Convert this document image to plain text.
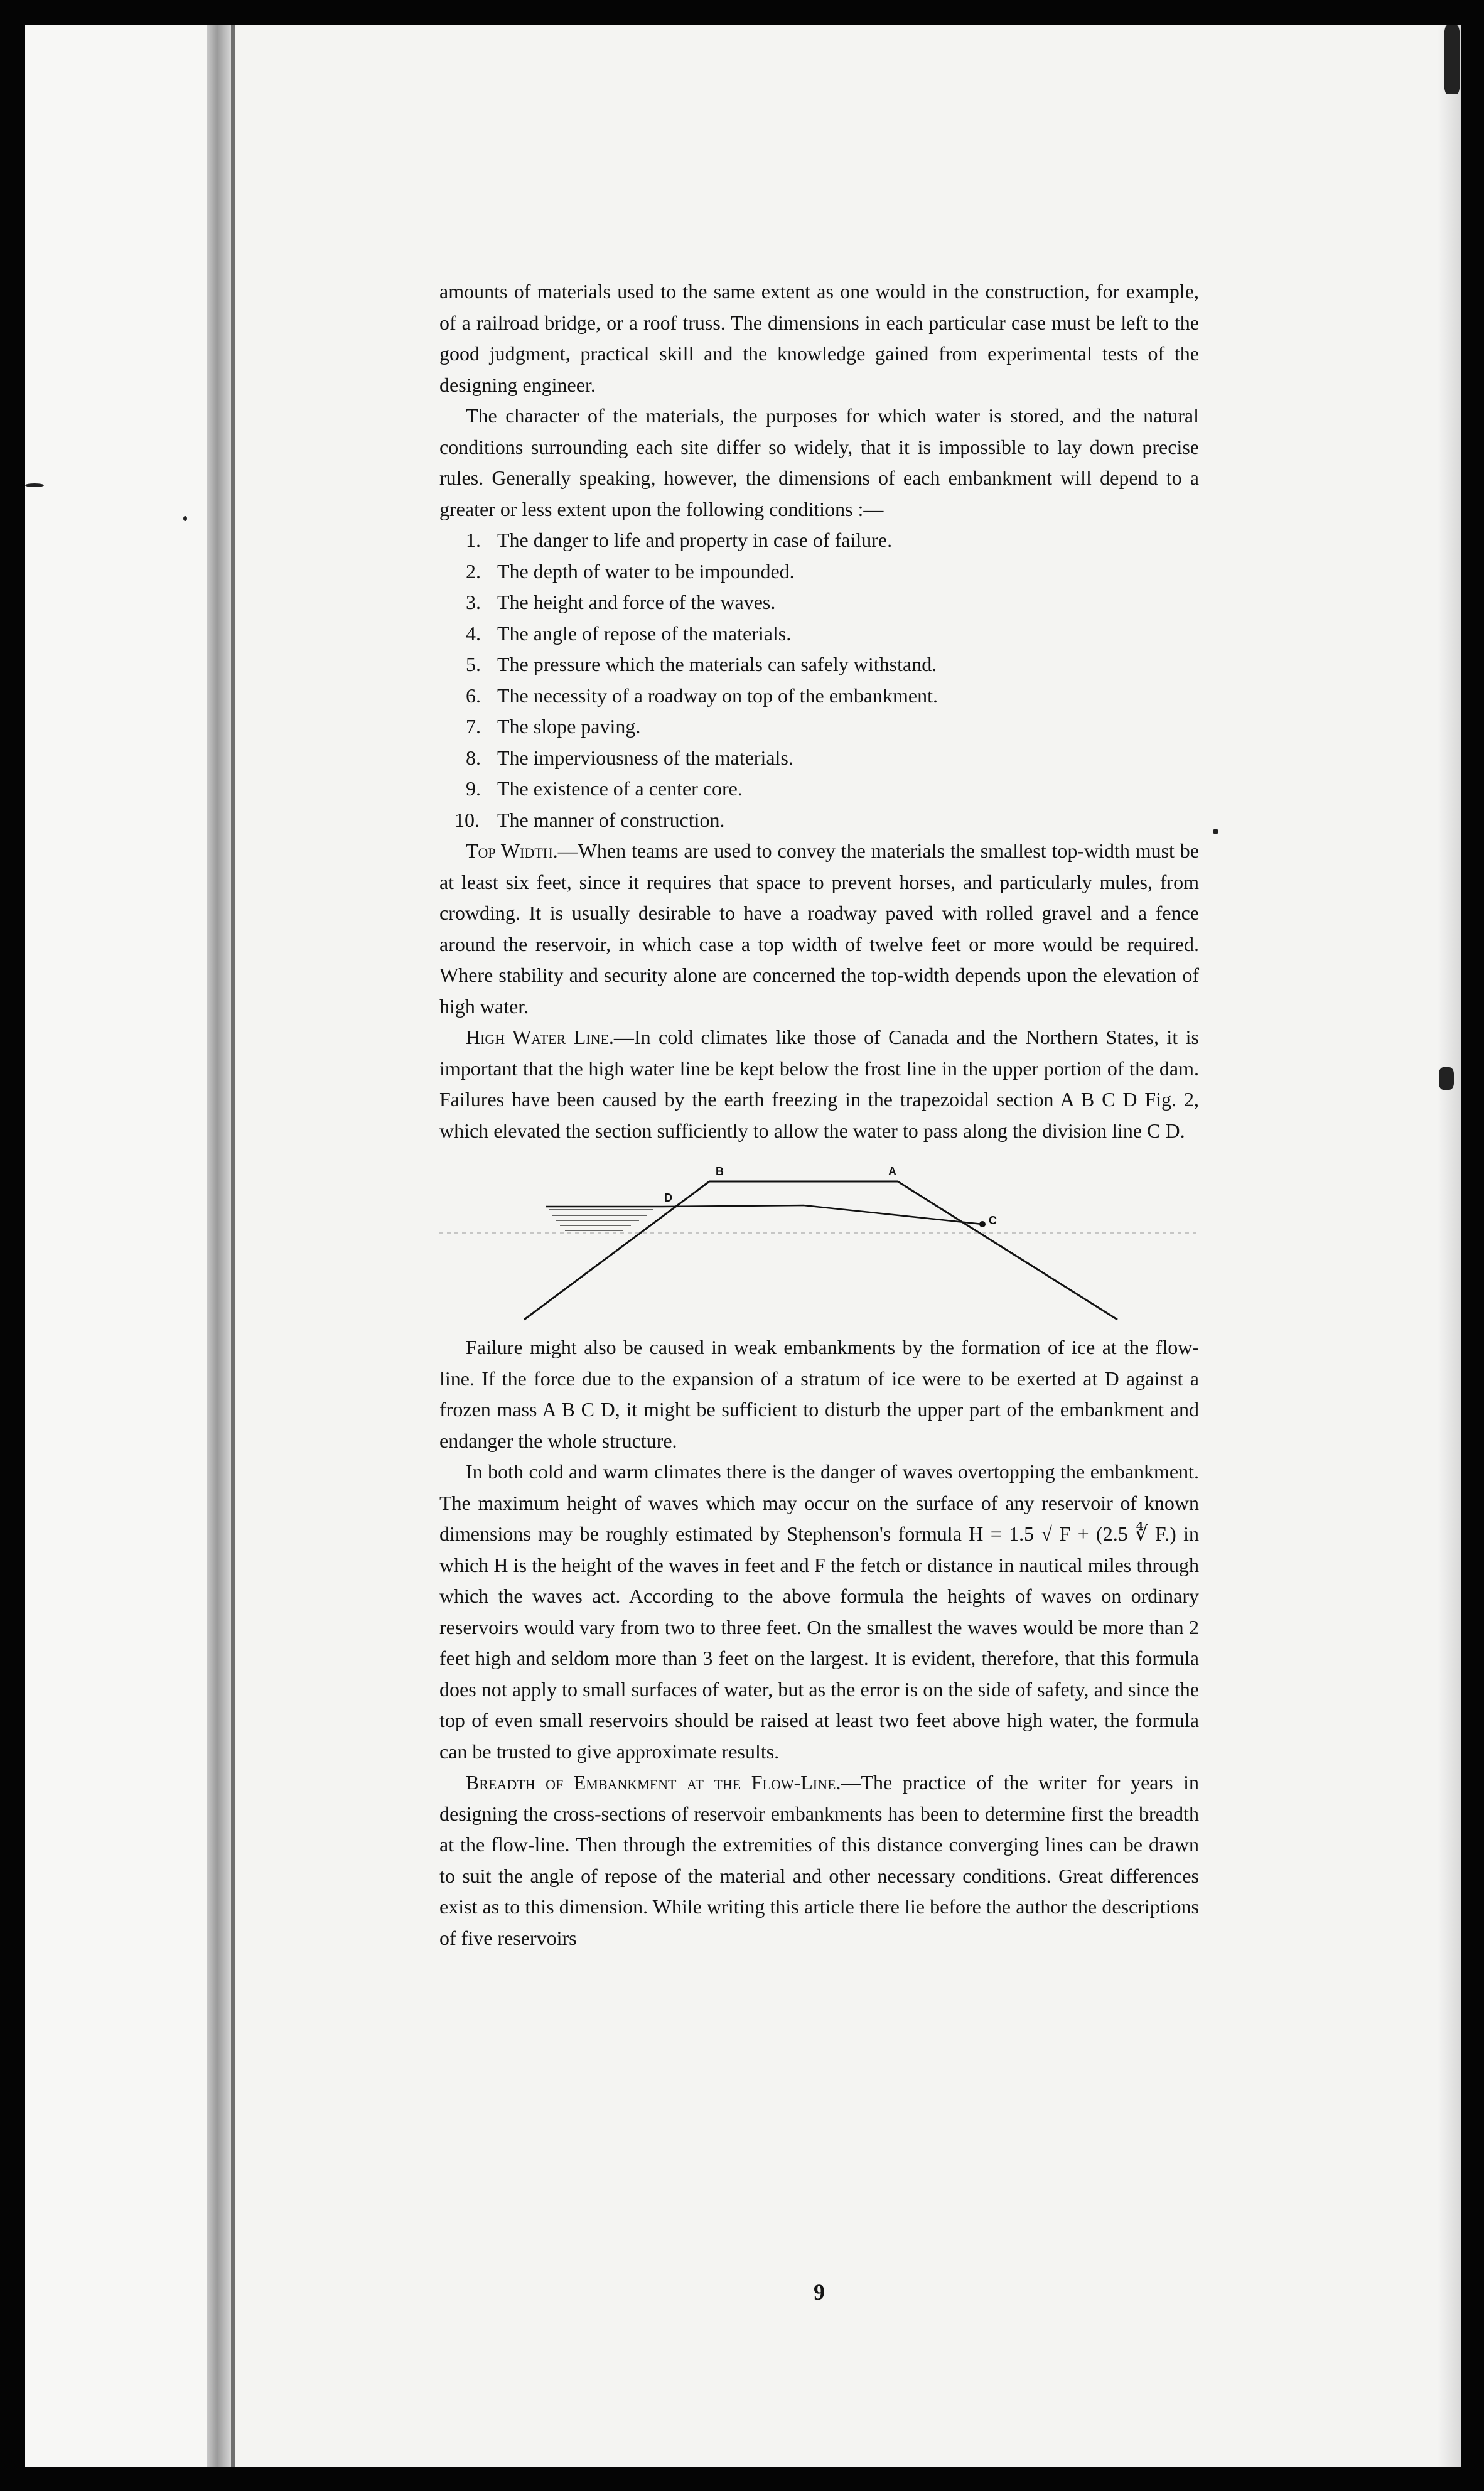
amounts of materials used to the same extent as one would in the construction, for example, of a railroad bridge, or a roof truss. The dimensions in each particular case must be left to the good judgment, practical skill and the knowledge gained from experimental tests of the designing engineer.

The character of the materials, the purposes for which water is stored, and the natural conditions surrounding each site differ so widely, that it is impossible to lay down precise rules. Generally speaking, however, the dimensions of each embankment will depend to a greater or less extent upon the following conditions :—

1. The danger to life and property in case of failure.
2. The depth of water to be impounded.
3. The height and force of the waves.
4. The angle of repose of the materials.
5. The pressure which the materials can safely withstand.
6. The necessity of a roadway on top of the embankment.
7. The slope paving.
8. The imperviousness of the materials.
9. The existence of a center core.
10. The manner of construction.

Top Width.—When teams are used to convey the materials the smallest top-width must be at least six feet, since it requires that space to prevent horses, and particularly mules, from crowding. It is usually desirable to have a roadway paved with rolled gravel and a fence around the reservoir, in which case a top width of twelve feet or more would be required. Where stability and security alone are concerned the top-width depends upon the elevation of high water.

High Water Line.—In cold climates like those of Canada and the Northern States, it is important that the high water line be kept below the frost line in the upper portion of the dam. Failures have been caused by the earth freezing in the trapezoidal section A B C D Fig. 2, which elevated the section sufficiently to allow the water to pass along the division line C D.

B	A
C
D

Failure might also be caused in weak embankments by the formation of ice at the flow-line. If the force due to the expansion of a stratum of ice were to be exerted at D against a frozen mass A B C D, it might be sufficient to disturb the upper part of the embankment and endanger the whole structure.

In both cold and warm climates there is the danger of waves overtopping the embankment. The maximum height of waves which may occur on the surface of any reservoir of known dimensions may be roughly estimated by Stephenson's formula H = 1.5 √ F + (2.5 ∜ F.) in which H is the height of the waves in feet and F the fetch or distance in nautical miles through which the waves act. According to the above formula the heights of waves on ordinary reservoirs would vary from two to three feet. On the smallest the waves would be more than 2 feet high and seldom more than 3 feet on the largest. It is evident, therefore, that this formula does not apply to small surfaces of water, but as the error is on the side of safety, and since the top of even small reservoirs should be raised at least two feet above high water, the formula can be trusted to give approximate results.

Breadth of Embankment at the Flow-Line.—The practice of the writer for years in designing the cross-sections of reservoir embankments has been to determine first the breadth at the flow-line. Then through the extremities of this distance converging lines can be drawn to suit the angle of repose of the material and other necessary conditions. Great differences exist as to this dimension. While writing this article there lie before the author the descriptions of five reservoirs

9
